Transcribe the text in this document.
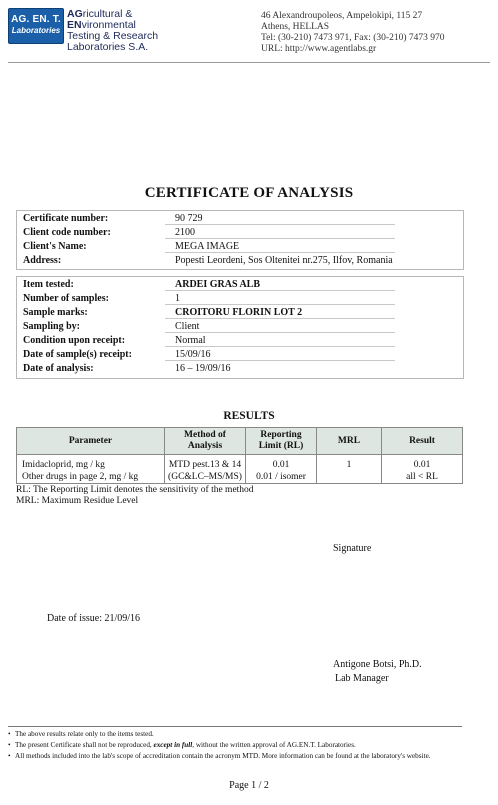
AG. EN. T.
Laboratories
AGricultural &
ENvironmental
Testing & Research
Laboratories S.A.
46 Alexandroupoleos, Ampelokipi, 115 27
Athens, HELLAS
Tel: (30-210) 7473 971, Fax: (30-210) 7473 970
URL: http://www.agentlabs.gr
CERTIFICATE OF ANALYSIS
Certificate number:	90 729
Client code number:	2100
Client's Name:	MEGA IMAGE
Address:	Popesti Leordeni, Sos Oltenitei nr.275, Ilfov, Romania
Item tested:	ARDEI GRAS ALB
Number of samples:	1
Sample marks:	CROITORU FLORIN LOT 2
Sampling by:	Client
Condition upon receipt:	Normal
Date of sample(s) receipt:	15/09/16
Date of analysis:	16 – 19/09/16
RESULTS
Parameter	Method of Analysis	Reporting Limit (RL)	MRL	Result
Imidacloprid, mg / kg	MTD pest.13 & 14	0.01	1	0.01
Other drugs in page 2, mg / kg	(GC&LC–MS/MS)	0.01 / isomer		all < RL
RL: The Reporting Limit denotes the sensitivity of the method
MRL: Maximum Residue Level
Signature
Date of issue: 21/09/16
Antigone Botsi, Ph.D.
Lab Manager
• The above results relate only to the items tested.
• The present Certificate shall not be reproduced, except in full, without the written approval of AG.EN.T. Laboratories.
• All methods included into the lab's scope of accreditation contain the acronym MTD. More information can be found at the laboratory's website.
Page 1 / 2
